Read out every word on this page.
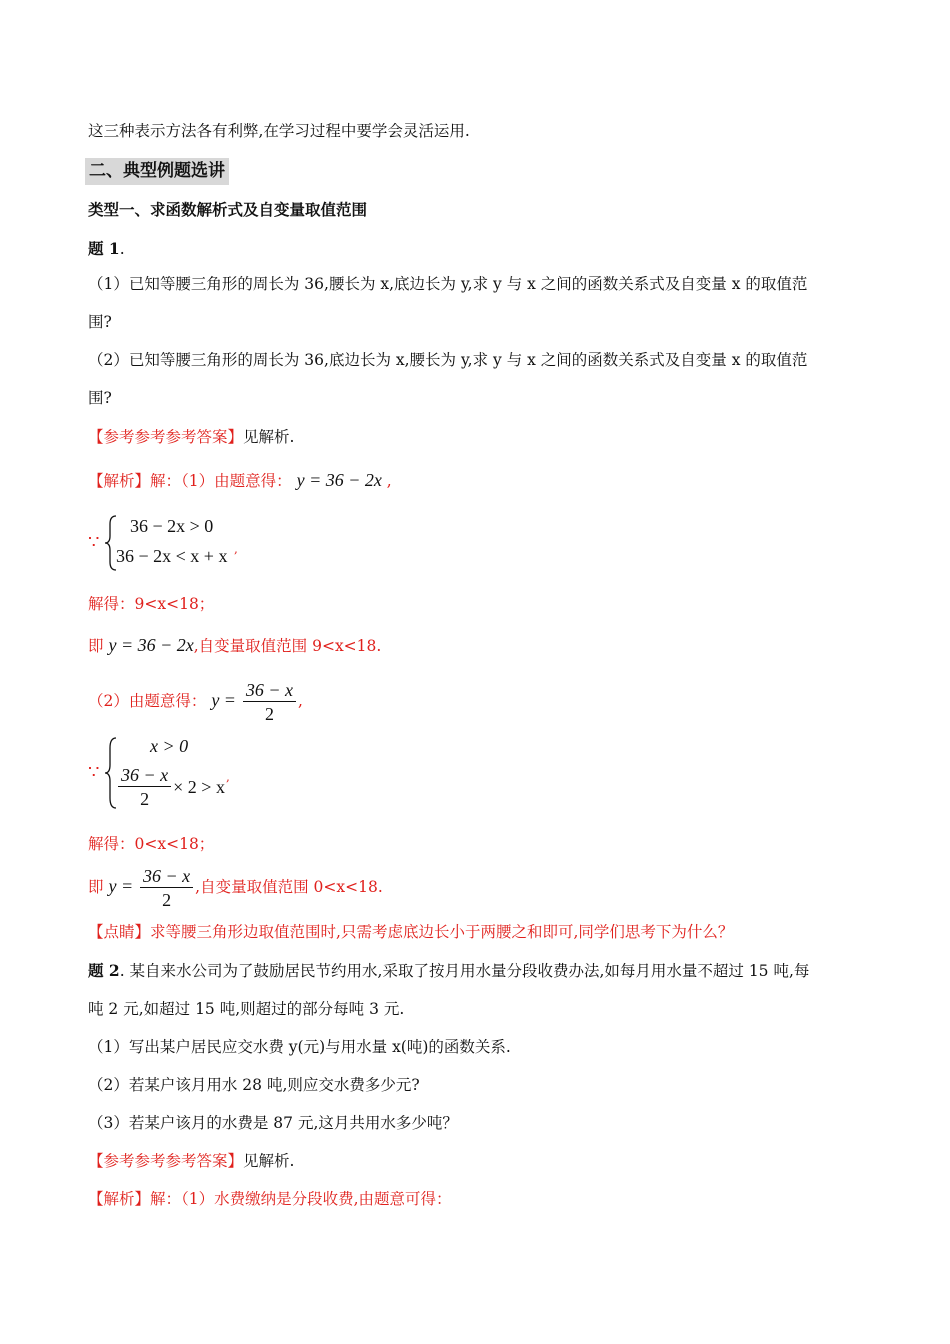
这三种表示方法各有利弊,在学习过程中要学会灵活运用.
二、典型例题选讲
类型一、求函数解析式及自变量取值范围
题 1.
（1）已知等腰三角形的周长为 36,腰长为 x,底边长为 y,求 y 与 x 之间的函数关系式及自变量 x 的取值范
围?
（2）已知等腰三角形的周长为 36,底边长为 x,腰长为 y,求 y 与 x 之间的函数关系式及自变量 x 的取值范
围?
【参考参考参考答案】见解析.
【解析】解：（1）由题意得： y = 36 − 2x ,
∵
36 − 2x > 0
36 − 2x < x + x ,
解得：9<x<18；
即 y = 36 − 2x,自变量取值范围 9<x<18.
（2）由题意得： $y = \frac{36 - x}{2}$ ,
∵
x > 0
$\frac{36 - x}{2} \times 2 > x$ ,
解得：0<x<18；
即 $y = \frac{36 - x}{2}$ ,自变量取值范围 0<x<18.
【点睛】求等腰三角形边取值范围时,只需考虑底边长小于两腰之和即可,同学们思考下为什么？
题 2. 某自来水公司为了鼓励居民节约用水,采取了按月用水量分段收费办法,如每月用水量不超过 15 吨,每
吨 2 元,如超过 15 吨,则超过的部分每吨 3 元.
（1）写出某户居民应交水费 y(元)与用水量 x(吨)的函数关系.
（2）若某户该月用水 28 吨,则应交水费多少元?
（3）若某户该月的水费是 87 元,这月共用水多少吨？
【参考参考参考答案】见解析.
【解析】解：（1）水费缴纳是分段收费,由题意可得：
